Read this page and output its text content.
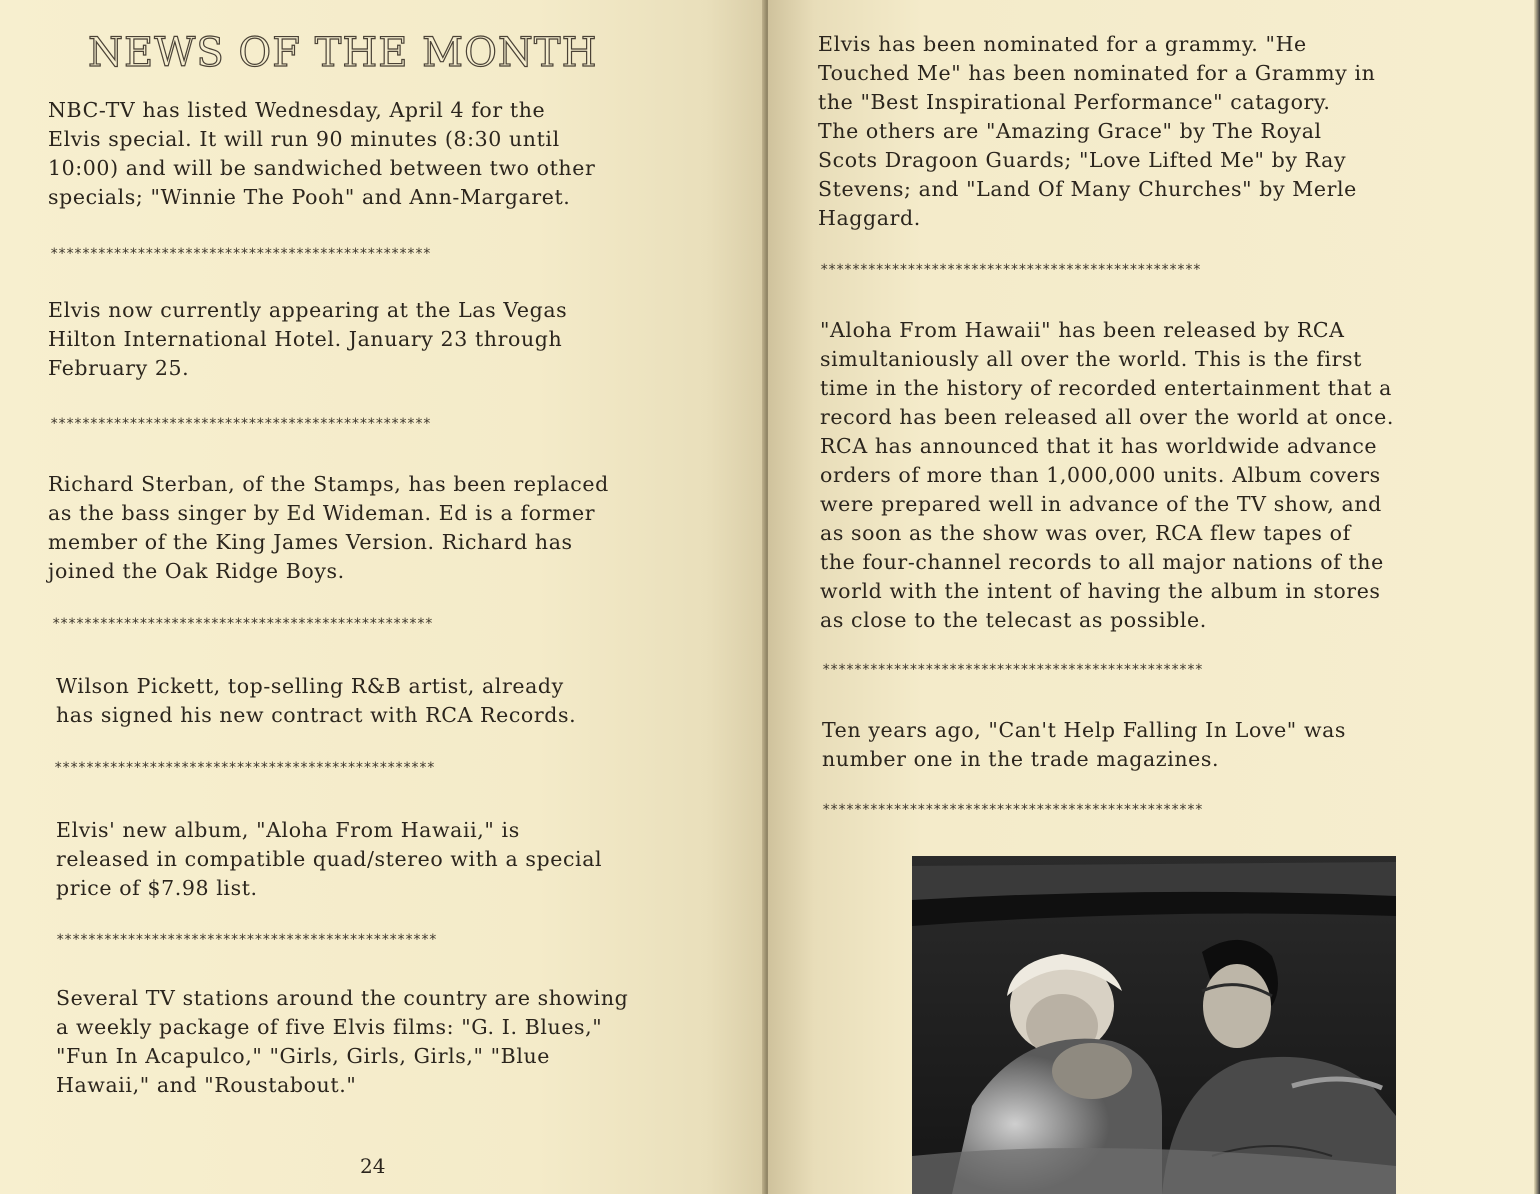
NEWS OF THE MONTH

NBC-TV has listed Wednesday, April 4 for the
Elvis special. It will run 90 minutes (8:30 until
10:00) and will be sandwiched between two other
specials; "Winnie The Pooh" and Ann-Margaret.

************************************************

Elvis now currently appearing at the Las Vegas
Hilton International Hotel. January 23 through
February 25.

************************************************

Richard Sterban, of the Stamps, has been replaced
as the bass singer by Ed Wideman. Ed is a former
member of the King James Version. Richard has
joined the Oak Ridge Boys.

************************************************

Wilson Pickett, top-selling R&B artist, already
has signed his new contract with RCA Records.

************************************************

Elvis' new album, "Aloha From Hawaii," is
released in compatible quad/stereo with a special
price of $7.98 list.

************************************************

Several TV stations around the country are showing
a weekly package of five Elvis films: "G. I. Blues,"
"Fun In Acapulco," "Girls, Girls, Girls," "Blue
Hawaii," and "Roustabout."

24

Elvis has been nominated for a grammy. "He
Touched Me" has been nominated for a Grammy in
the "Best Inspirational Performance" catagory.
The others are "Amazing Grace" by The Royal
Scots Dragoon Guards; "Love Lifted Me" by Ray
Stevens; and "Land Of Many Churches" by Merle
Haggard.

************************************************

"Aloha From Hawaii" has been released by RCA
simultaniously all over the world. This is the first
time in the history of recorded entertainment that a
record has been released all over the world at once.
RCA has announced that it has worldwide advance
orders of more than 1,000,000 units. Album covers
were prepared well in advance of the TV show, and
as soon as the show was over, RCA flew tapes of
the four-channel records to all major nations of the
world with the intent of having the album in stores
as close to the telecast as possible.

************************************************

Ten years ago, "Can't Help Falling In Love" was
number one in the trade magazines.

************************************************
